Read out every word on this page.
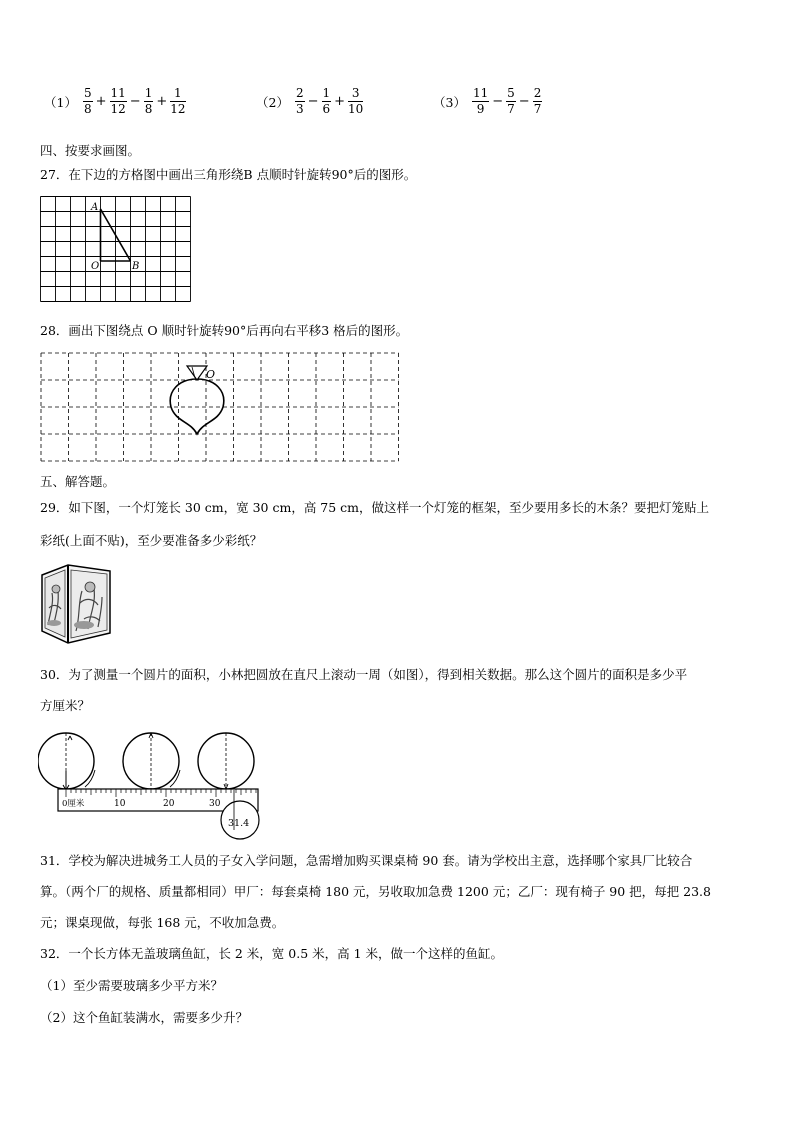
$(1) \frac{5}{8} + \frac{11}{12} - \frac{1}{8} + \frac{1}{12}$	$(2) \frac{2}{3} - \frac{1}{6} + \frac{3}{10}$	$(3) \frac{11}{9} - \frac{5}{7} - \frac{2}{7}$
四、按要求画图。
27．在下边的方格图中画出三角形绕B 点顺时针旋转90°后的图形。
A
O	B
28．画出下图绕点 O 顺时针旋转90°后再向右平移3 格后的图形。
O
五、解答题。
29．如下图，一个灯笼长 30 cm，宽 30 cm，高 75 cm，做这样一个灯笼的框架，至少要用多长的木条？要把灯笼贴上
彩纸(上面不贴)，至少要准备多少彩纸？
30．为了测量一个圆片的面积，小林把圆放在直尺上滚动一周（如图），得到相关数据。那么这个圆片的面积是多少平
方厘米？
0厘米	10	20	30
31.4
31．学校为解决进城务工人员的子女入学问题，急需增加购买课桌椅 90 套。请为学校出主意，选择哪个家具厂比较合
算。（两个厂的规格、质量都相同）甲厂：每套桌椅 180 元，另收取加急费 1200 元；乙厂：现有椅子 90 把，每把 23.8
元；课桌现做，每张 168 元，不收加急费。
32．一个长方体无盖玻璃鱼缸，长 2 米，宽 0.5 米，高 1 米，做一个这样的鱼缸。
（1）至少需要玻璃多少平方米？
（2）这个鱼缸装满水，需要多少升？
